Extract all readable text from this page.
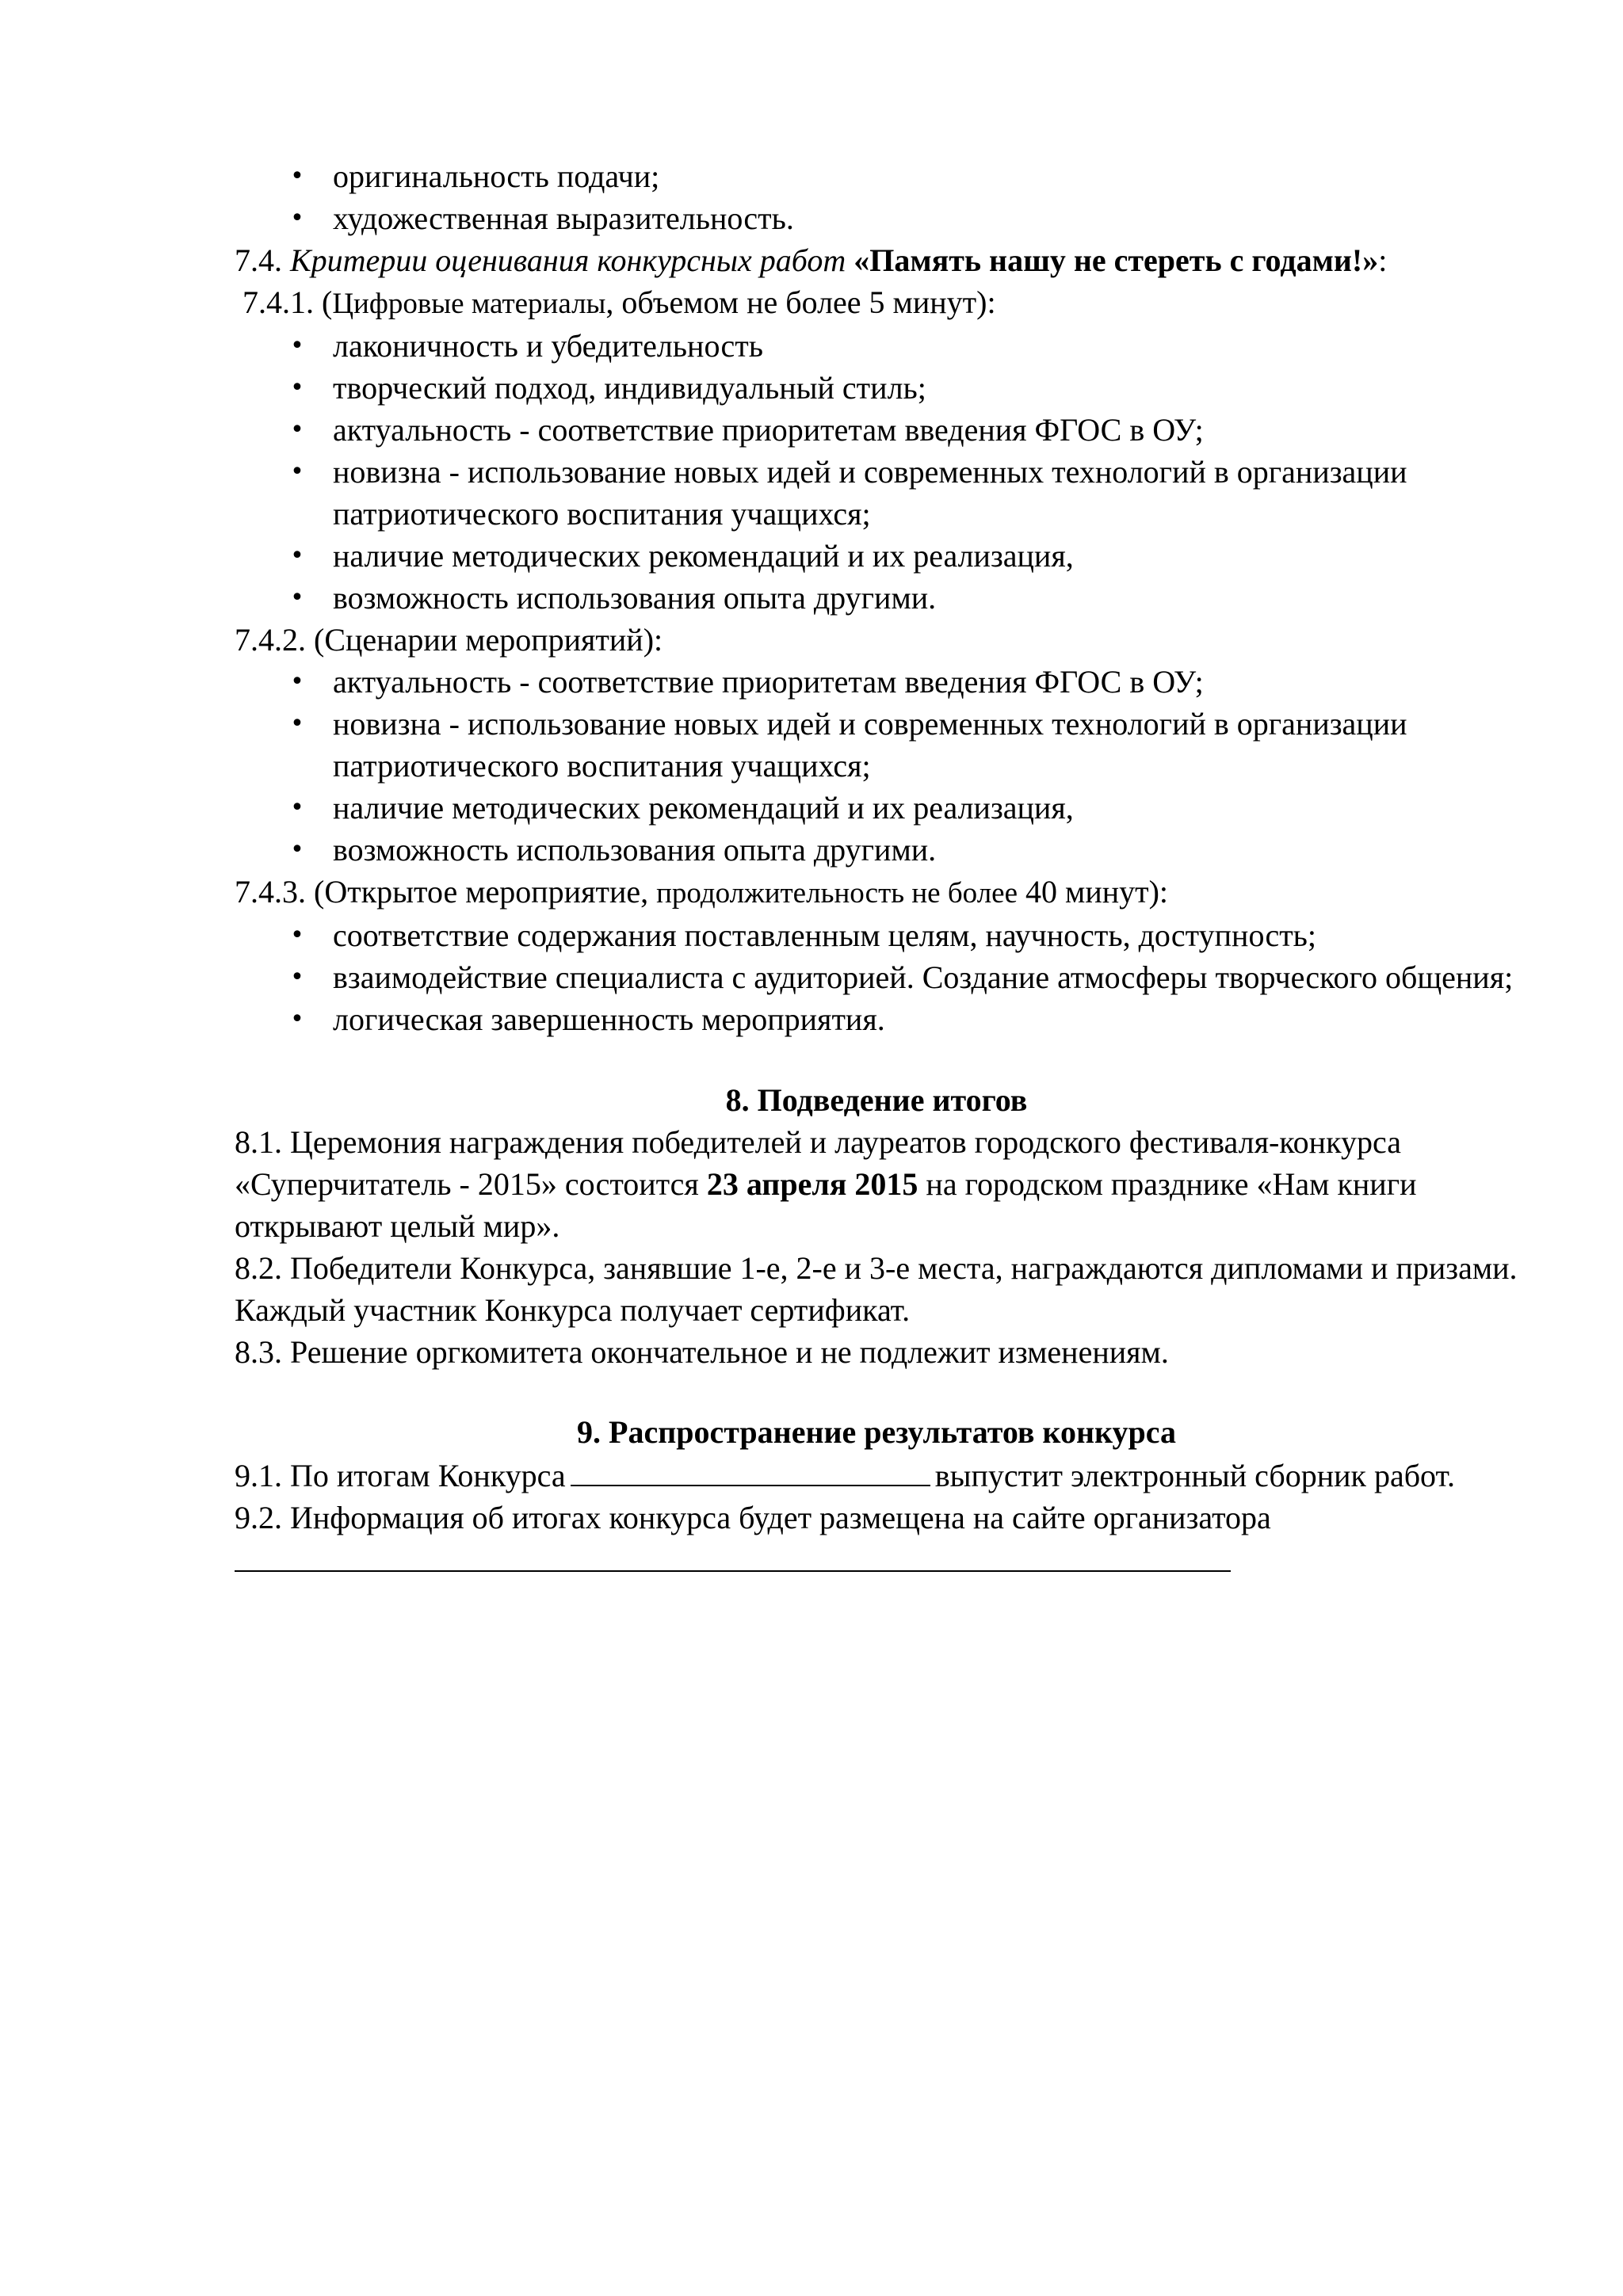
• оригинальность подачи;
• художественная выразительность.

7.4. Критерии оценивания конкурсных работ «Память нашу не стереть с годами!»:

7.4.1. (Цифровые материалы, объемом не более 5 минут):

• лаконичность и убедительность
• творческий подход, индивидуальный стиль;
• актуальность - соответствие приоритетам введения ФГОС в ОУ;
• новизна - использование новых идей и современных технологий в организации патриотического воспитания учащихся;
• наличие методических рекомендаций и их реализация,
• возможность использования опыта другими.

7.4.2. (Сценарии мероприятий):

• актуальность - соответствие приоритетам введения ФГОС в ОУ;
• новизна - использование новых идей и современных технологий в организации патриотического воспитания учащихся;
• наличие методических рекомендаций и их реализация,
• возможность использования опыта другими.

7.4.3. (Открытое мероприятие, продолжительность не более 40 минут):

• соответствие содержания поставленным целям, научность, доступность;
• взаимодействие специалиста с аудиторией. Создание атмосферы творческого общения;
• логическая завершенность мероприятия.

8. Подведение итогов

8.1. Церемония награждения победителей и лауреатов городского фестиваля-конкурса «Суперчитатель - 2015» состоится 23 апреля 2015 на городском празднике «Нам книги открывают целый мир».

8.2. Победители Конкурса, занявшие 1-е, 2-е и 3-е места, награждаются дипломами и призами. Каждый участник Конкурса получает сертификат.

8.3. Решение оргкомитета окончательное и не подлежит изменениям.

9. Распространение результатов конкурса

9.1. По итогам Конкурса	выпустит электронный сборник работ.

9.2. Информация об итогах конкурса будет размещена на сайте организатора
